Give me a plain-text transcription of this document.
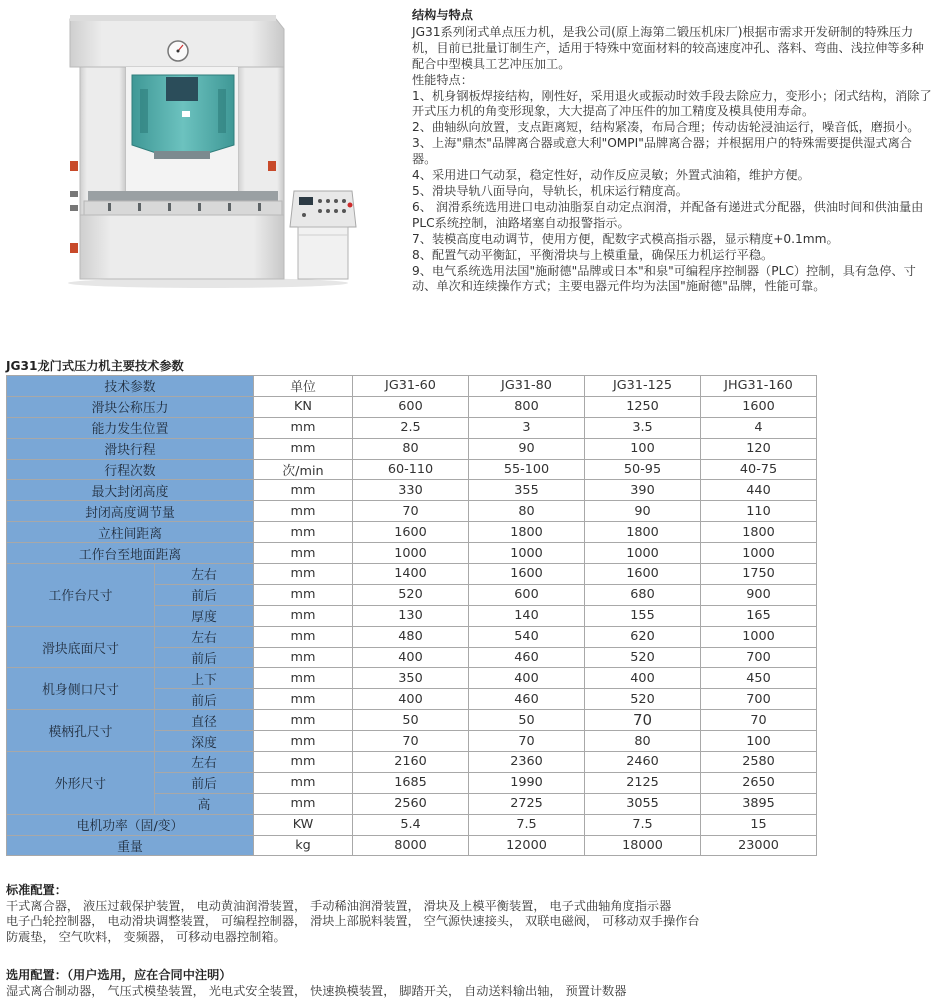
结构与特点

JG31系列闭式单点压力机，是我公司(原上海第二锻压机床厂)根据市需求开发研制的特殊压力机，目前已批量订制生产，适用于特殊中宽面材料的较高速度冲孔、落料、弯曲、浅拉伸等多种配合中型模具工艺冲压加工。

性能特点：

1、机身钢板焊接结构，刚性好，采用退火或振动时效手段去除应力，变形小；闭式结构，消除了开式压力机的角变形现象，大大提高了冲压件的加工精度及模具使用寿命。

2、曲轴纵向放置，支点距离短，结构紧凑，布局合理；传动齿轮浸油运行，噪音低，磨损小。

3、上海"鼎杰"品牌离合器或意大利"OMPI"品牌离合器；并根据用户的特殊需要提供湿式离合器。

4、采用进口气动泵，稳定性好，动作反应灵敏；外置式油箱，维护方便。

5、滑块导轨八面导向，导轨长，机床运行精度高。

6、 润滑系统选用进口电动油脂泵自动定点润滑，并配备有递进式分配器，供油时间和供油量由PLC系统控制，油路堵塞自动报警指示。

7、装模高度电动调节，使用方便，配数字式模高指示器，显示精度+0.1mm。

8、配置气动平衡缸，平衡滑块与上模重量，确保压力机运行平稳。

9、电气系统选用法国"施耐德"品牌或日本"和泉"可编程序控制器（PLC）控制，具有急停、寸动、单次和连续操作方式；主要电器元件均为法国"施耐德"品牌，性能可靠。

JG31龙门式压力机主要技术参数
技术参数		单位	JG31-60	JG31-80	JG31-125	JHG31-160
滑块公称压力		KN	600	800	1250	1600
能力发生位置		mm	2.5	3	3.5	4
滑块行程		mm	80	90	100	120
行程次数		次/min	60-110	55-100	50-95	40-75
最大封闭高度		mm	330	355	390	440
封闭高度调节量		mm	70	80	90	110
立柱间距离		mm	1600	1800	1800	1800
工作台至地面距离		mm	1000	1000	1000	1000
工作台尺寸	左右	mm	1400	1600	1600	1750
	前后	mm	520	600	680	900
	厚度	mm	130	140	155	165
滑块底面尺寸	左右	mm	480	540	620	1000
	前后	mm	400	460	520	700
机身侧口尺寸	上下	mm	350	400	400	450
	前后	mm	400	460	520	700
模柄孔尺寸	直径	mm	50	50	70	70
	深度	mm	70	70	80	100
外形尺寸	左右	mm	2160	2360	2460	2580
	前后	mm	1685	1990	2125	2650
	高	mm	2560	2725	3055	3895
电机功率（固/变）		KW	5.4	7.5	7.5	15
重量		kg	8000	12000	18000	23000
标准配置：
干式离合器， 液压过载保护装置， 电动黄油润滑装置， 手动稀油润滑装置， 滑块及上模平衡装置， 电子式曲轴角度指示器
电子凸轮控制器， 电动滑块调整装置， 可编程控制器， 滑块上部脱料装置， 空气源快速接头， 双联电磁阀， 可移动双手操作台
防震垫， 空气吹料， 变频器， 可移动电器控制箱。
选用配置：（用户选用，应在合同中注明）
湿式离合制动器， 气压式模垫装置， 光电式安全装置， 快速换模装置， 脚踏开关， 自动送料输出轴， 预置计数器
